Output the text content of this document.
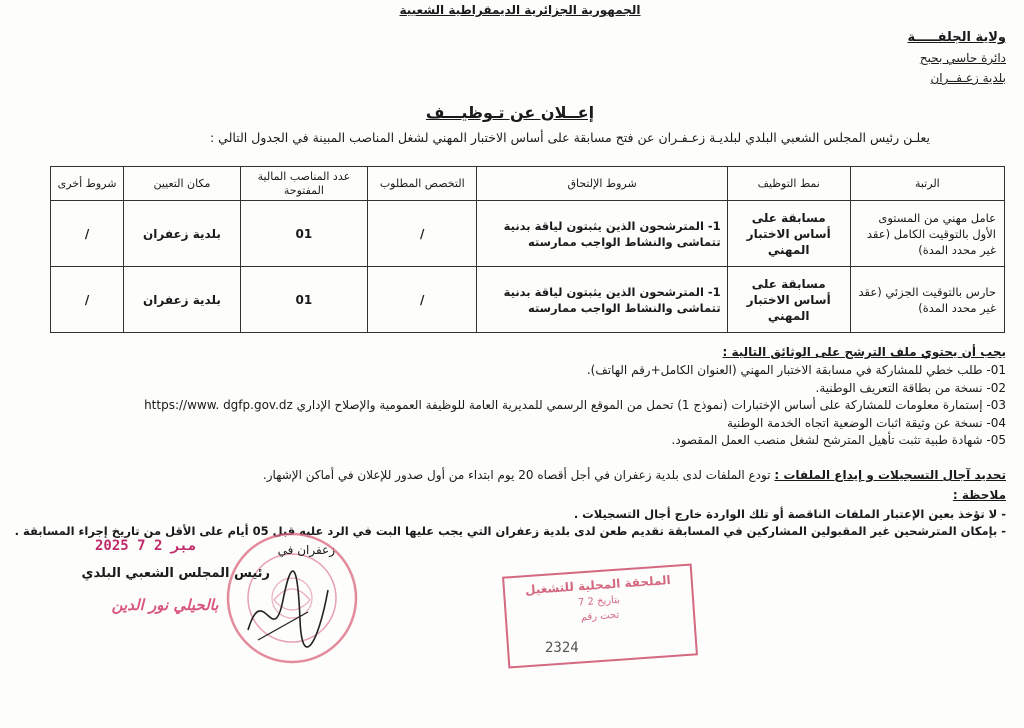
الجمهورية الجزائرية الديمقراطية الشعبية
ولاية الجلفـــــة
دائرة حاسي بحبح
بلدية زعـفــران
إعــلان عن تـوظيـــف
يعلـن رئيس المجلس الشعبي البلدي لبلديـة زعـفـران عن فتح مسابقة على أساس الاختبار المهني لشغل المناصب المبينة في الجدول التالي :
الرتبة	نمط التوظيف	شروط الإلتحاق	التخصص المطلوب	عدد المناصب المالية المفتوحة	مكان التعيين	شروط أخرى
عامل مهني من المستوى الأول بالتوقيت الكامل (عقد غير محدد المدة)	مسابقة على أساس الاختبار المهني	1- المترشحون الذين يثبتون لياقة بدنية تتماشى والنشاط الواجب ممارسته	/	01	بلدية زعفران	/
حارس بالتوقيت الجزئي (عقد غير محدد المدة)	مسابقة على أساس الاختبار المهني	1- المترشحون الذين يثبتون لياقة بدنية تتماشى والنشاط الواجب ممارسته	/	01	بلدية زعفران	/
يجب أن يحتوي ملف الترشح على الوثائق التالية :
01- طلب خطي للمشاركة في مسابقة الاختبار المهني (العنوان الكامل+رقم الهاتف).
02- نسخة من بطاقة التعريف الوطنية.
03- إستمارة معلومات للمشاركة على أساس الإختبارات (نموذج 1) تحمل من الموقع الرسمي للمديرية العامة للوظيفة العمومية والإصلاح الإداري https://www. dgfp.gov.dz
04- نسخة عن وثيقة اثبات الوضعية اتجاه الخدمة الوطنية
05- شهادة طبية تثبت تأهيل المترشح لشغل منصب العمل المقصود.
تحديد آجال التسجيلات و إيداع الملفات : تودع الملفات لدى بلدية زعفران في أجل أقصاه 20 يوم ابتداء من أول صدور للإعلان في أماكن الإشهار.
ملاحظة :
- لا تؤخذ بعين الإعتبار الملفات الناقصة أو تلك الواردة خارج أجال التسجيلات .
- بإمكان المترشحين غير المقبولين المشاركين في المسابقة تقديم طعن لدى بلدية زعفران التي يجب عليها البت في الرد عليه قبل 05 أيام على الأقل من تاريخ إجراء المسابقة .
2025 مبر 2 7	زعفران في
رئيس المجلس الشعبي البلدي
بالحيلي نور الدين
الملحقة المحلية للتشغيل
بتاريخ 2 7
تحت رقم
2324
